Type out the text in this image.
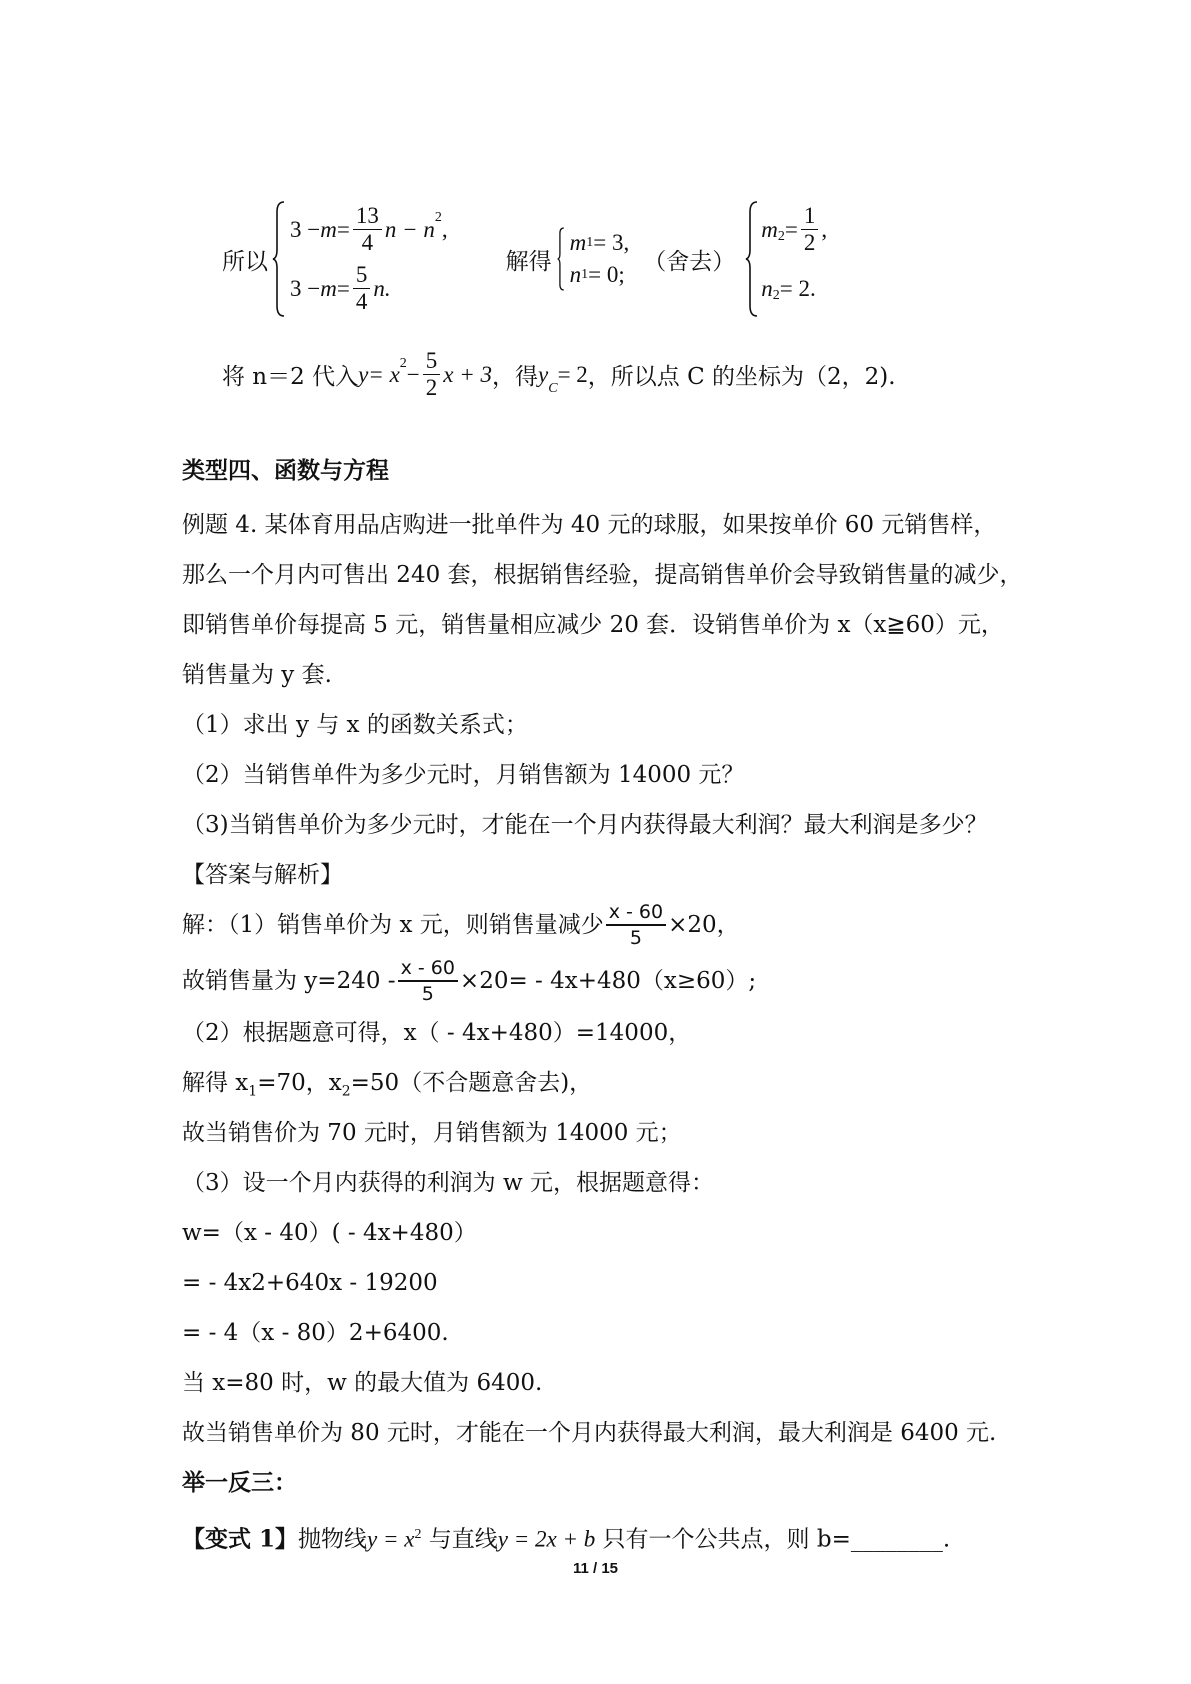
所以
$3 - m = \frac{13}{4}$ $n - n^2$ ,
$3 - m = \frac{5}{4} n$.
解得
m 1 = 3,
n 1 = 0; （舍去）
$m_2 = \frac{1}{2}$ ,
$n_2 = 2$.
将 n＝2 代入 $y = x^2 - \frac{5}{2}$ x + 3 ，得 y
$_C$
= 2 ，所以点 C 的坐标为（2，2).
类型四、函数与方程
例题 4. 某体育用品店购进一批单件为 40 元的球服，如果按单价 60 元销售样，
那么一个月内可售出 240 套，根据销售经验，提高销售单价会导致销售量的减少，
即销售单价每提高 5 元，销售量相应减少 20 套．设销售单价为 x（x≧60）元，
销售量为 y 套.
（1）求出 y 与 x 的函数关系式；
（2）当销售单件为多少元时，月销售额为 14000 元？
（3)当销售单价为多少元时，才能在一个月内获得最大利润？最大利润是多少？
【答案与解析】
解：（1）销售单价为 x 元，则销售量减少 $\frac{x - 60}{5} \times 20$，
故销售量为 $y=240 - \frac{x - 60}{5} \times 20= - 4x+480(x\ge 60)$;
（2）根据题意可得，x（ - 4x+480）=14000，
解得 $x_1=70$，$x_2=50$（不合题意舍去)，
故当销售价为 70 元时，月销售额为 14000 元；
（3）设一个月内获得的利润为 w 元，根据题意得：
w=（x - 40）( - 4x+480）
= - 4x2+640x - 19200
= - 4（x - 80）2+6400.
当 x=80 时，w 的最大值为 6400.
故当销售单价为 80 元时，才能在一个月内获得最大利润，最大利润是 6400 元.
举一反三：
【变式 1】抛物线$y = x^2$ 与直线y = 2x + b 只有一个公共点，则 b=________.
11 / 15
